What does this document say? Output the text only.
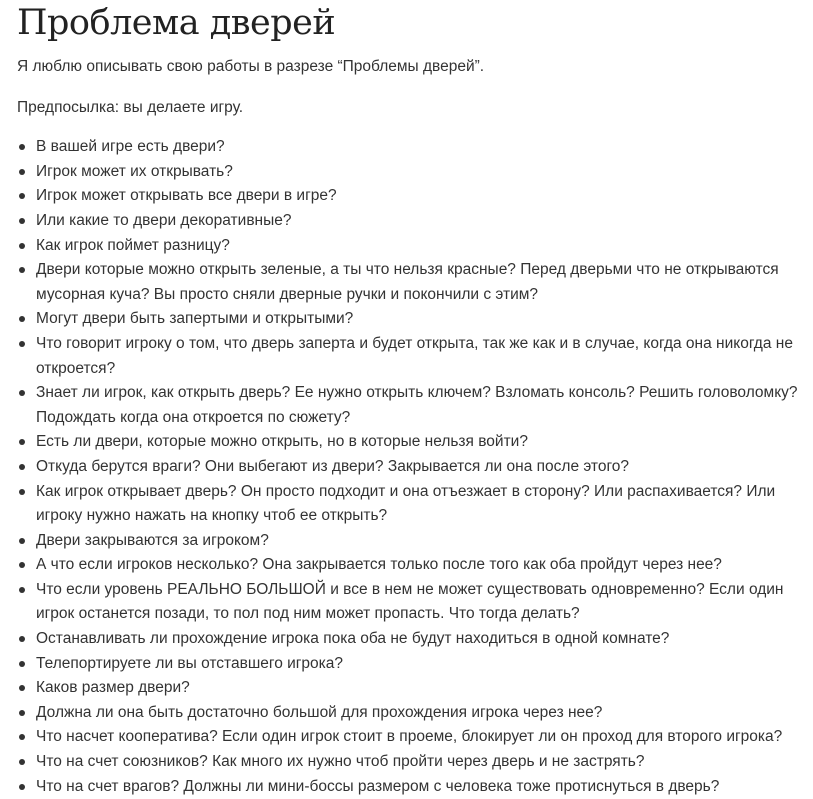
Проблема дверей

Я люблю описывать свою работы в разрезе “Проблемы дверей”.

Предпосылка: вы делаете игру.

В вашей игре есть двери?
Игрок может их открывать?
Игрок может открывать все двери в игре?
Или какие то двери декоративные?
Как игрок поймет разницу?
Двери которые можно открыть зеленые, а ты что нельзя красные? Перед дверьми что не открываются мусорная куча? Вы просто сняли дверные ручки и покончили с этим?
Могут двери быть запертыми и открытыми?
Что говорит игроку о том, что дверь заперта и будет открыта, так же как и в случае, когда она никогда не откроется?
Знает ли игрок, как открыть дверь? Ее нужно открыть ключем? Взломать консоль? Решить головоломку? Подождать когда она откроется по сюжету?
Есть ли двери, которые можно открыть, но в которые нельзя войти?
Откуда берутся враги? Они выбегают из двери? Закрывается ли она после этого?
Как игрок открывает дверь? Он просто подходит и она отъезжает в сторону? Или распахивается? Или игроку нужно нажать на кнопку чтоб ее открыть?
Двери закрываются за игроком?
А что если игроков несколько? Она закрывается только после того как оба пройдут через нее?
Что если уровень РЕАЛЬНО БОЛЬШОЙ и все в нем не может существовать одновременно? Если один игрок останется позади, то пол под ним может пропасть. Что тогда делать?
Останавливать ли прохождение игрока пока оба не будут находиться в одной комнате?
Телепортируете ли вы отставшего игрока?
Каков размер двери?
Должна ли она быть достаточно большой для прохождения игрока через нее?
Что насчет кооператива? Если один игрок стоит в проеме, блокирует ли он проход для второго игрока?
Что на счет союзников? Как много их нужно чтоб пройти через дверь и не застрять?
Что на счет врагов? Должны ли мини-боссы размером с человека тоже протиснуться в дверь?
